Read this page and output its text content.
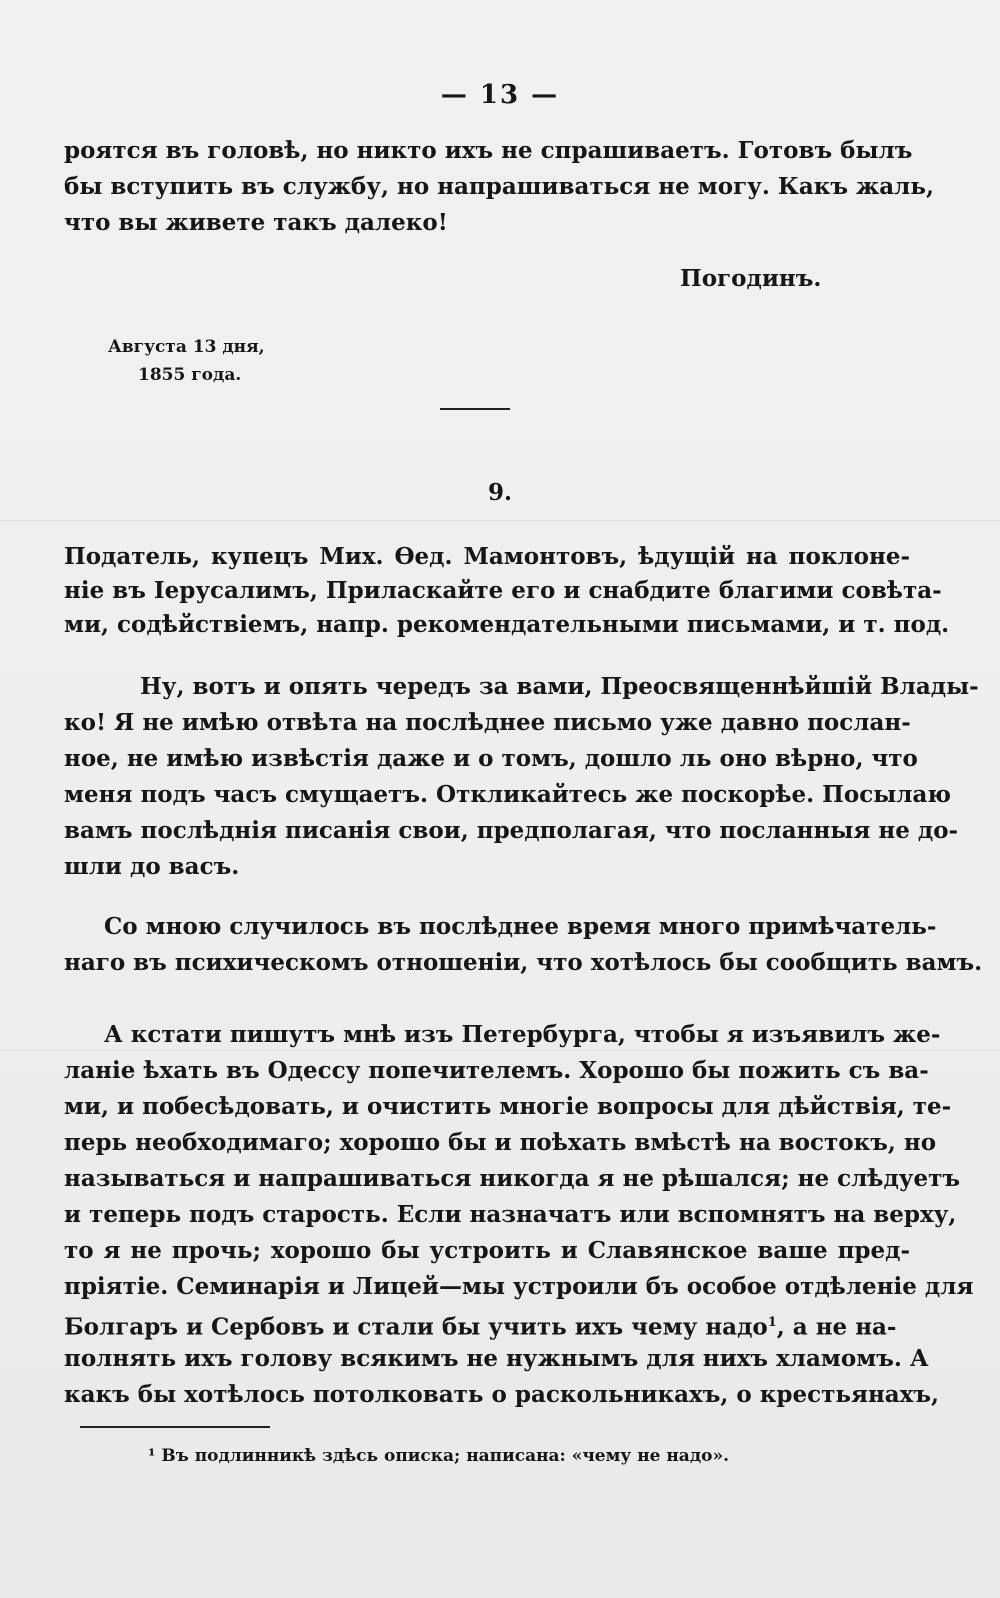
— 13 —
роятся въ головѣ, но никто ихъ не спрашиваетъ. Готовъ былъ
бы вступить въ службу, но напрашиваться не могу. Какъ жаль,
что вы живете такъ далеко!
Погодинъ.
Августа 13 дня,
1855 года.
9.
Податель, купецъ Мих. Ѳед. Мамонтовъ, ѣдущій на поклоне-
ніе въ Іерусалимъ, Приласкайте его и снабдите благими совѣта-
ми, содѣйствіемъ, напр. рекомендательными письмами, и т. под.
Ну, вотъ и опять чередъ за вами, Преосвященнѣйшій Влады-
ко! Я не имѣю отвѣта на послѣднее письмо уже давно послан-
ное, не имѣю извѣстія даже и о томъ, дошло ль оно вѣрно, что
меня подъ часъ смущаетъ. Откликайтесь же поскорѣе. Посылаю
вамъ послѣднія писанія свои, предполагая, что посланныя не до-
шли до васъ.
Со мною случилось въ послѣднее время много примѣчатель-
наго въ психическомъ отношеніи, что хотѣлось бы сообщить вамъ.
А кстати пишутъ мнѣ изъ Петербурга, чтобы я изъявилъ же-
ланіе ѣхать въ Одессу попечителемъ. Хорошо бы пожить съ ва-
ми, и побесѣдовать, и очистить многіе вопросы для дѣйствія, те-
перь необходимаго; хорошо бы и поѣхать вмѣстѣ на востокъ, но
называться и напрашиваться никогда я не рѣшался; не слѣдуетъ
и теперь подъ старость. Если назначатъ или вспомнятъ на верху,
то я не прочь; хорошо бы устроить и Славянское ваше пред-
пріятіе. Семинарія и Лицей—мы устроили бъ особое отдѣленіе для
Болгаръ и Сербовъ и стали бы учить ихъ чему надо$^1$, а не на-
полнять ихъ голову всякимъ не нужнымъ для нихъ хламомъ. А
какъ бы хотѣлось потолковать о раскольникахъ, о крестьянахъ,
¹ Въ подлинникѣ здѣсь описка; написана: «чему не надо».
